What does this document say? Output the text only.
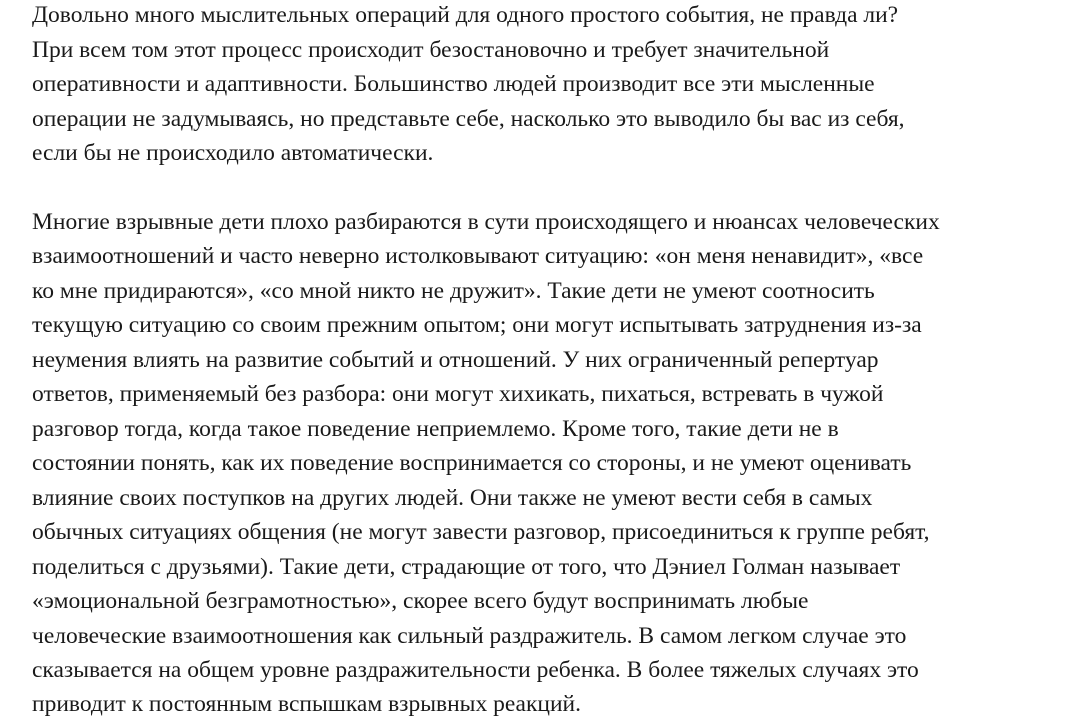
Довольно много мыслительных операций для одного простого события, не правда ли?
При всем том этот процесс происходит безостановочно и требует значительной
оперативности и адаптивности. Большинство людей производит все эти мысленные
операции не задумываясь, но представьте себе, насколько это выводило бы вас из себя,
если бы не происходило автоматически.
Многие взрывные дети плохо разбираются в сути происходящего и нюансах человеческих
взаимоотношений и часто неверно истолковывают ситуацию: «он меня ненавидит», «все
ко мне придираются», «со мной никто не дружит». Такие дети не умеют соотносить
текущую ситуацию со своим прежним опытом; они могут испытывать затруднения из-за
неумения влиять на развитие событий и отношений. У них ограниченный репертуар
ответов, применяемый без разбора: они могут хихикать, пихаться, встревать в чужой
разговор тогда, когда такое поведение неприемлемо. Кроме того, такие дети не в
состоянии понять, как их поведение воспринимается со стороны, и не умеют оценивать
влияние своих поступков на других людей. Они также не умеют вести себя в самых
обычных ситуациях общения (не могут завести разговор, присоединиться к группе ребят,
поделиться с друзьями). Такие дети, страдающие от того, что Дэниел Голман называет
«эмоциональной безграмотностью», скорее всего будут воспринимать любые
человеческие взаимоотношения как сильный раздражитель. В самом легком случае это
сказывается на общем уровне раздражительности ребенка. В более тяжелых случаях это
приводит к постоянным вспышкам взрывных реакций.
